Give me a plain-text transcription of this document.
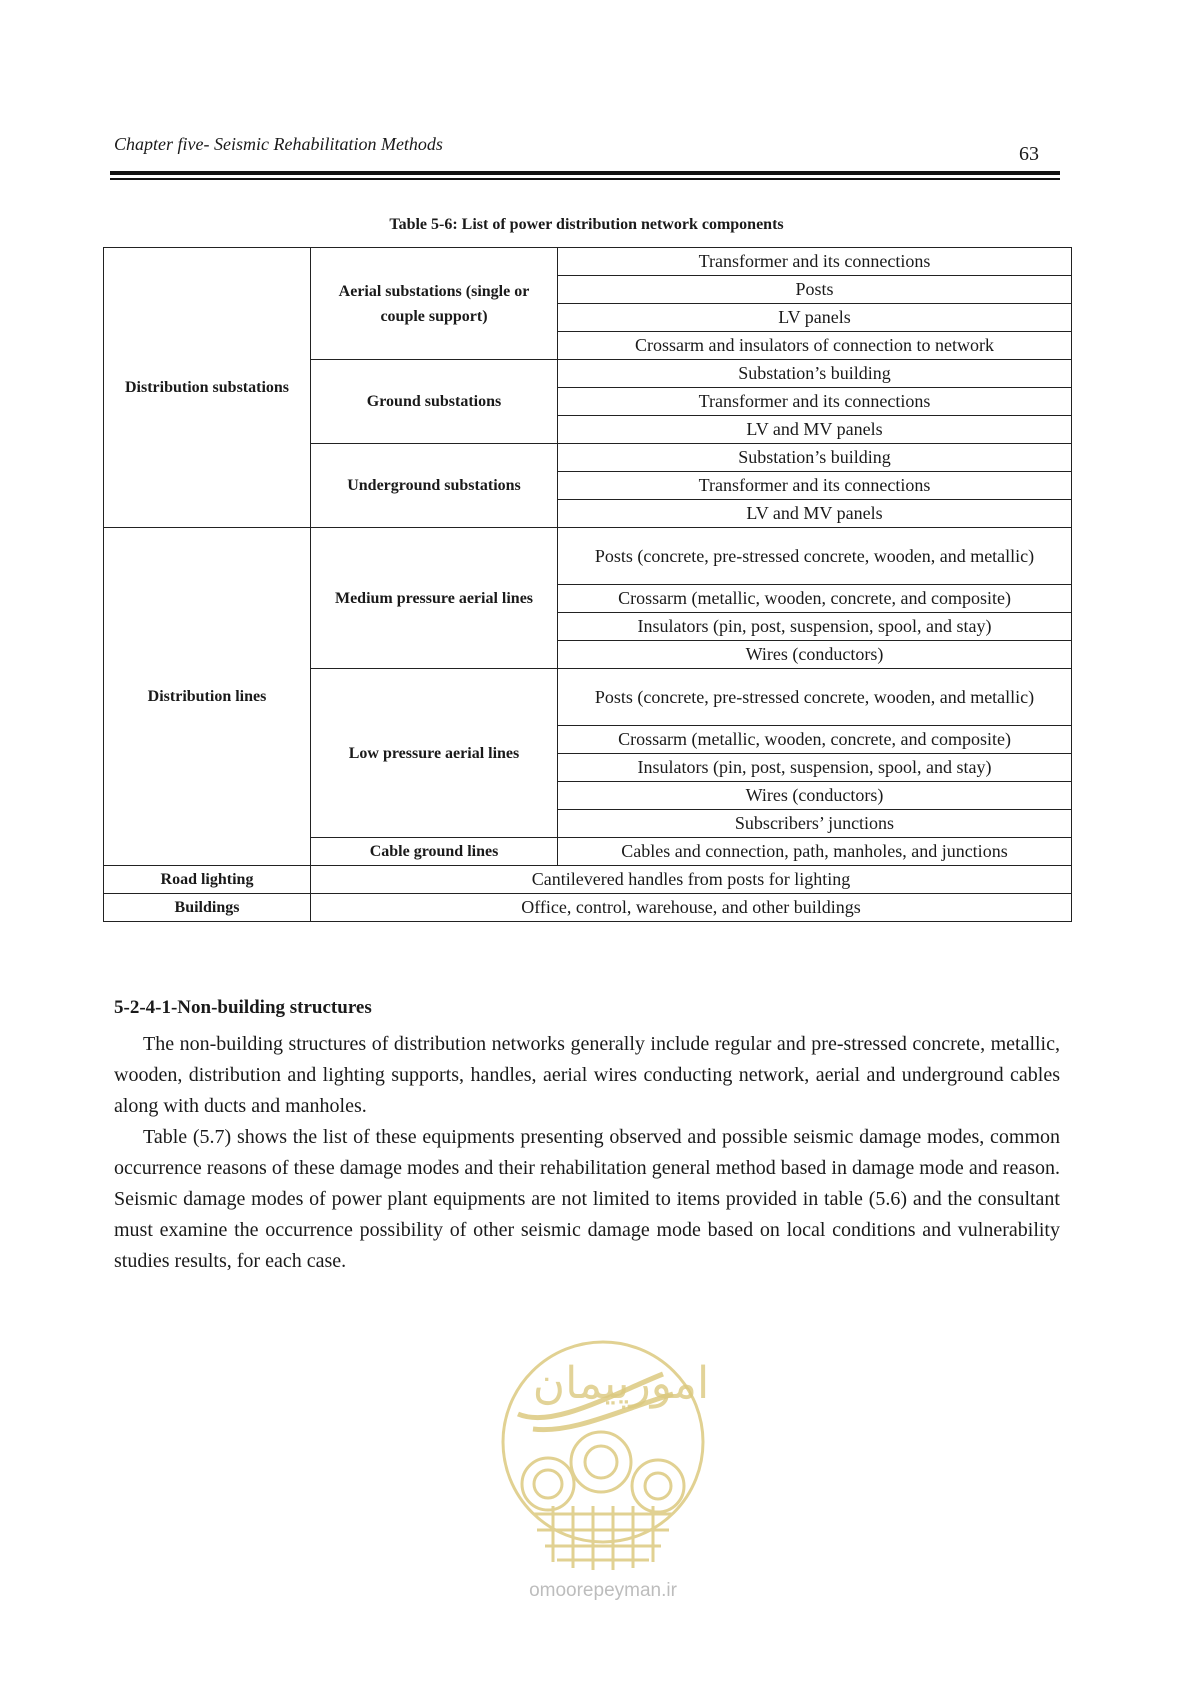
Chapter five- Seismic Rehabilitation Methods	63
Table 5-6: List of power distribution network components
Distribution substations	Aerial substations (single or couple support)	Transformer and its connections
		Posts
		LV panels
		Crossarm and insulators of connection to network
	Ground substations	Substation’s building
		Transformer and its connections
		LV and MV panels
	Underground substations	Substation’s building
		Transformer and its connections
		LV and MV panels
Distribution lines	Medium pressure aerial lines	Posts (concrete, pre-stressed concrete, wooden, and metallic)
		Crossarm (metallic, wooden, concrete, and composite)
		Insulators (pin, post, suspension, spool, and stay)
		Wires (conductors)
	Low pressure aerial lines	Posts (concrete, pre-stressed concrete, wooden, and metallic)
		Crossarm (metallic, wooden, concrete, and composite)
		Insulators (pin, post, suspension, spool, and stay)
		Wires (conductors)
		Subscribers’ junctions
	Cable ground lines	Cables and connection, path, manholes, and junctions
Road lighting	Cantilevered handles from posts for lighting	
Buildings	Office, control, warehouse, and other buildings	
5-2-4-1-Non-building structures

The non-building structures of distribution networks generally include regular and pre-stressed concrete, metallic, wooden, distribution and lighting supports, handles, aerial wires conducting network, aerial and underground cables along with ducts and manholes.

Table (5.7) shows the list of these equipments presenting observed and possible seismic damage modes, common occurrence reasons of these damage modes and their rehabilitation general method based in damage mode and reason. Seismic damage modes of power plant equipments are not limited to items provided in table (5.6) and the consultant must examine the occurrence possibility of other seismic damage mode based on local conditions and vulnerability studies results, for each case.

امورپیمان
omoorepeyman.ir
